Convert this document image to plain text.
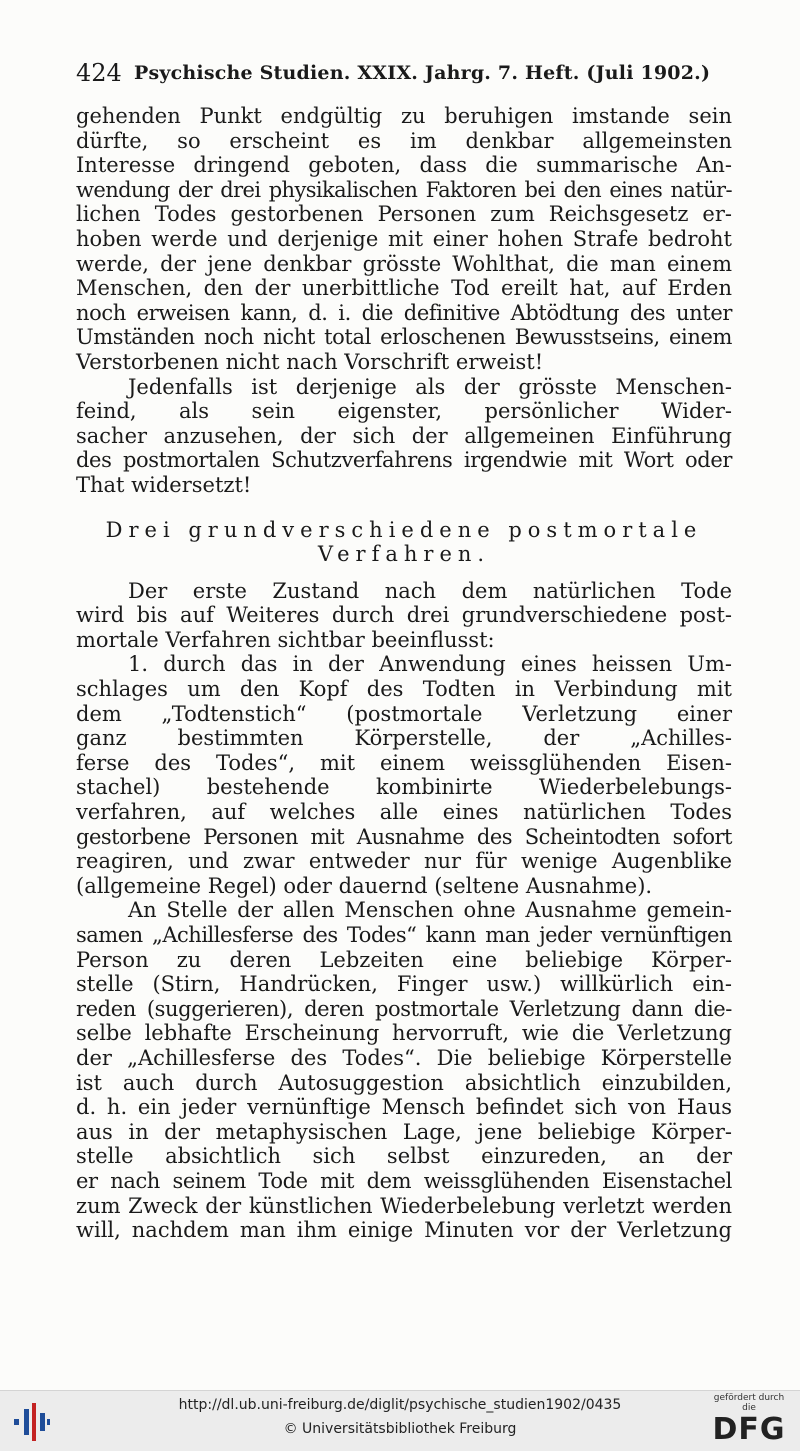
424 Psychische Studien. XXIX. Jahrg. 7. Heft. (Juli 1902.)
gehenden Punkt endgültig zu beruhigen imstande sein
dürfte, so erscheint es im denkbar allgemeinsten
Interesse dringend geboten, dass die summarische An-
wendung der drei physikalischen Faktoren bei den eines natür-
lichen Todes gestorbenen Personen zum Reichsgesetz er-
hoben werde und derjenige mit einer hohen Strafe bedroht
werde, der jene denkbar grösste Wohlthat, die man einem
Menschen, den der unerbittliche Tod ereilt hat, auf Erden
noch erweisen kann, d. i. die definitive Abtödtung des unter
Umständen noch nicht total erloschenen Bewusstseins, einem
Verstorbenen nicht nach Vorschrift erweist!
Jedenfalls ist derjenige als der grösste Menschen-
feind, als sein eigenster, persönlicher Wider-
sacher anzusehen, der sich der allgemeinen Einführung
des postmortalen Schutzverfahrens irgendwie mit Wort oder
That widersetzt!
Drei grundverschiedene postmortale
Verfahren.
Der erste Zustand nach dem natürlichen Tode
wird bis auf Weiteres durch drei grundverschiedene post-
mortale Verfahren sichtbar beeinflusst:
1. durch das in der Anwendung eines heissen Um-
schlages um den Kopf des Todten in Verbindung mit
dem „Todtenstich“ (postmortale Verletzung einer
ganz bestimmten Körperstelle, der „Achilles-
ferse des Todes“, mit einem weissglühenden Eisen-
stachel) bestehende kombinirte Wiederbelebungs-
verfahren, auf welches alle eines natürlichen Todes
gestorbene Personen mit Ausnahme des Scheintodten sofort
reagiren, und zwar entweder nur für wenige Augenblike
(allgemeine Regel) oder dauernd (seltene Ausnahme).
An Stelle der allen Menschen ohne Ausnahme gemein-
samen „Achillesferse des Todes“ kann man jeder vernünftigen
Person zu deren Lebzeiten eine beliebige Körper-
stelle (Stirn, Handrücken, Finger usw.) willkürlich ein-
reden (suggerieren), deren postmortale Verletzung dann die-
selbe lebhafte Erscheinung hervorruft, wie die Verletzung
der „Achillesferse des Todes“. Die beliebige Körperstelle
ist auch durch Autosuggestion absichtlich einzubilden,
d. h. ein jeder vernünftige Mensch befindet sich von Haus
aus in der metaphysischen Lage, jene beliebige Körper-
stelle absichtlich sich selbst einzureden, an der
er nach seinem Tode mit dem weissglühenden Eisenstachel
zum Zweck der künstlichen Wiederbelebung verletzt werden
will, nachdem man ihm einige Minuten vor der Verletzung
http://dl.ub.uni-freiburg.de/diglit/psychische_studien1902/0435
© Universitätsbibliothek Freiburg
gefördert durch die
DFG
